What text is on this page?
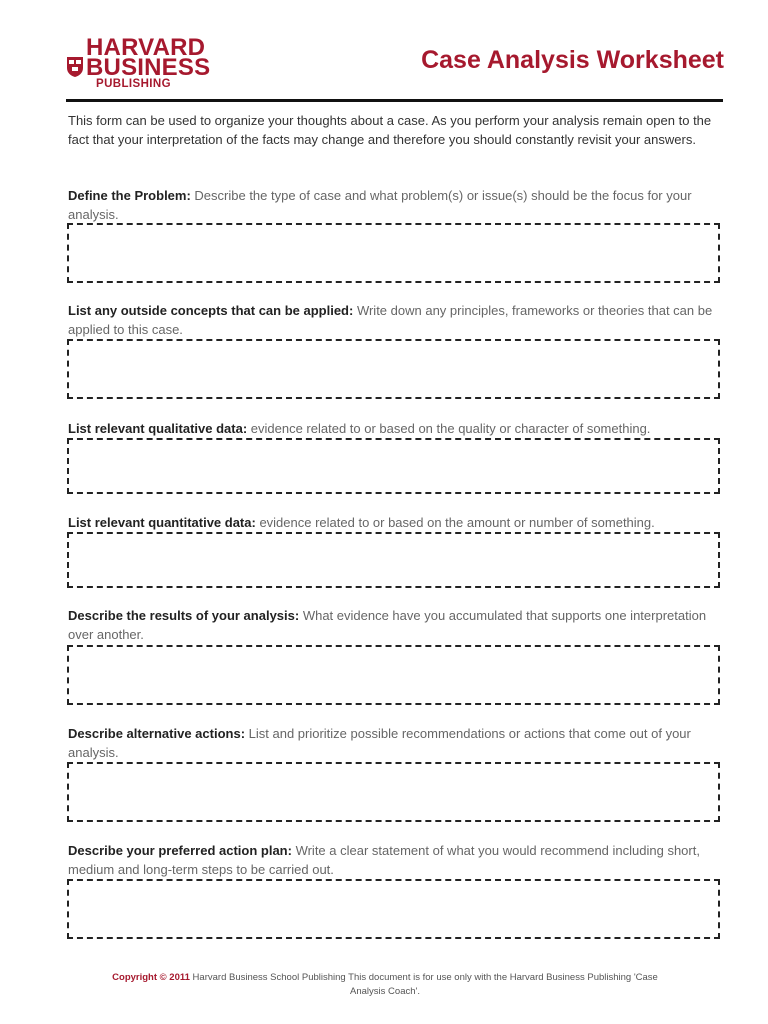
HARVARD
BUSINESS
PUBLISHING
Case Analysis Worksheet
This form can be used to organize your thoughts about a case. As you perform your analysis remain open to the fact that your interpretation of the facts may change and therefore you should constantly revisit your answers.
Define the Problem: Describe the type of case and what problem(s) or issue(s) should be the focus for your analysis.
List any outside concepts that can be applied: Write down any principles, frameworks or theories that can be applied to this case.
List relevant qualitative data: evidence related to or based on the quality or character of something.
List relevant quantitative data: evidence related to or based on the amount or number of something.
Describe the results of your analysis: What evidence have you accumulated that supports one interpretation over another.
Describe alternative actions: List and prioritize possible recommendations or actions that come out of your analysis.
Describe your preferred action plan: Write a clear statement of what you would recommend including short, medium and long-term steps to be carried out.
Copyright © 2011 Harvard Business School Publishing This document is for use only with the Harvard Business Publishing 'Case Analysis Coach'.
